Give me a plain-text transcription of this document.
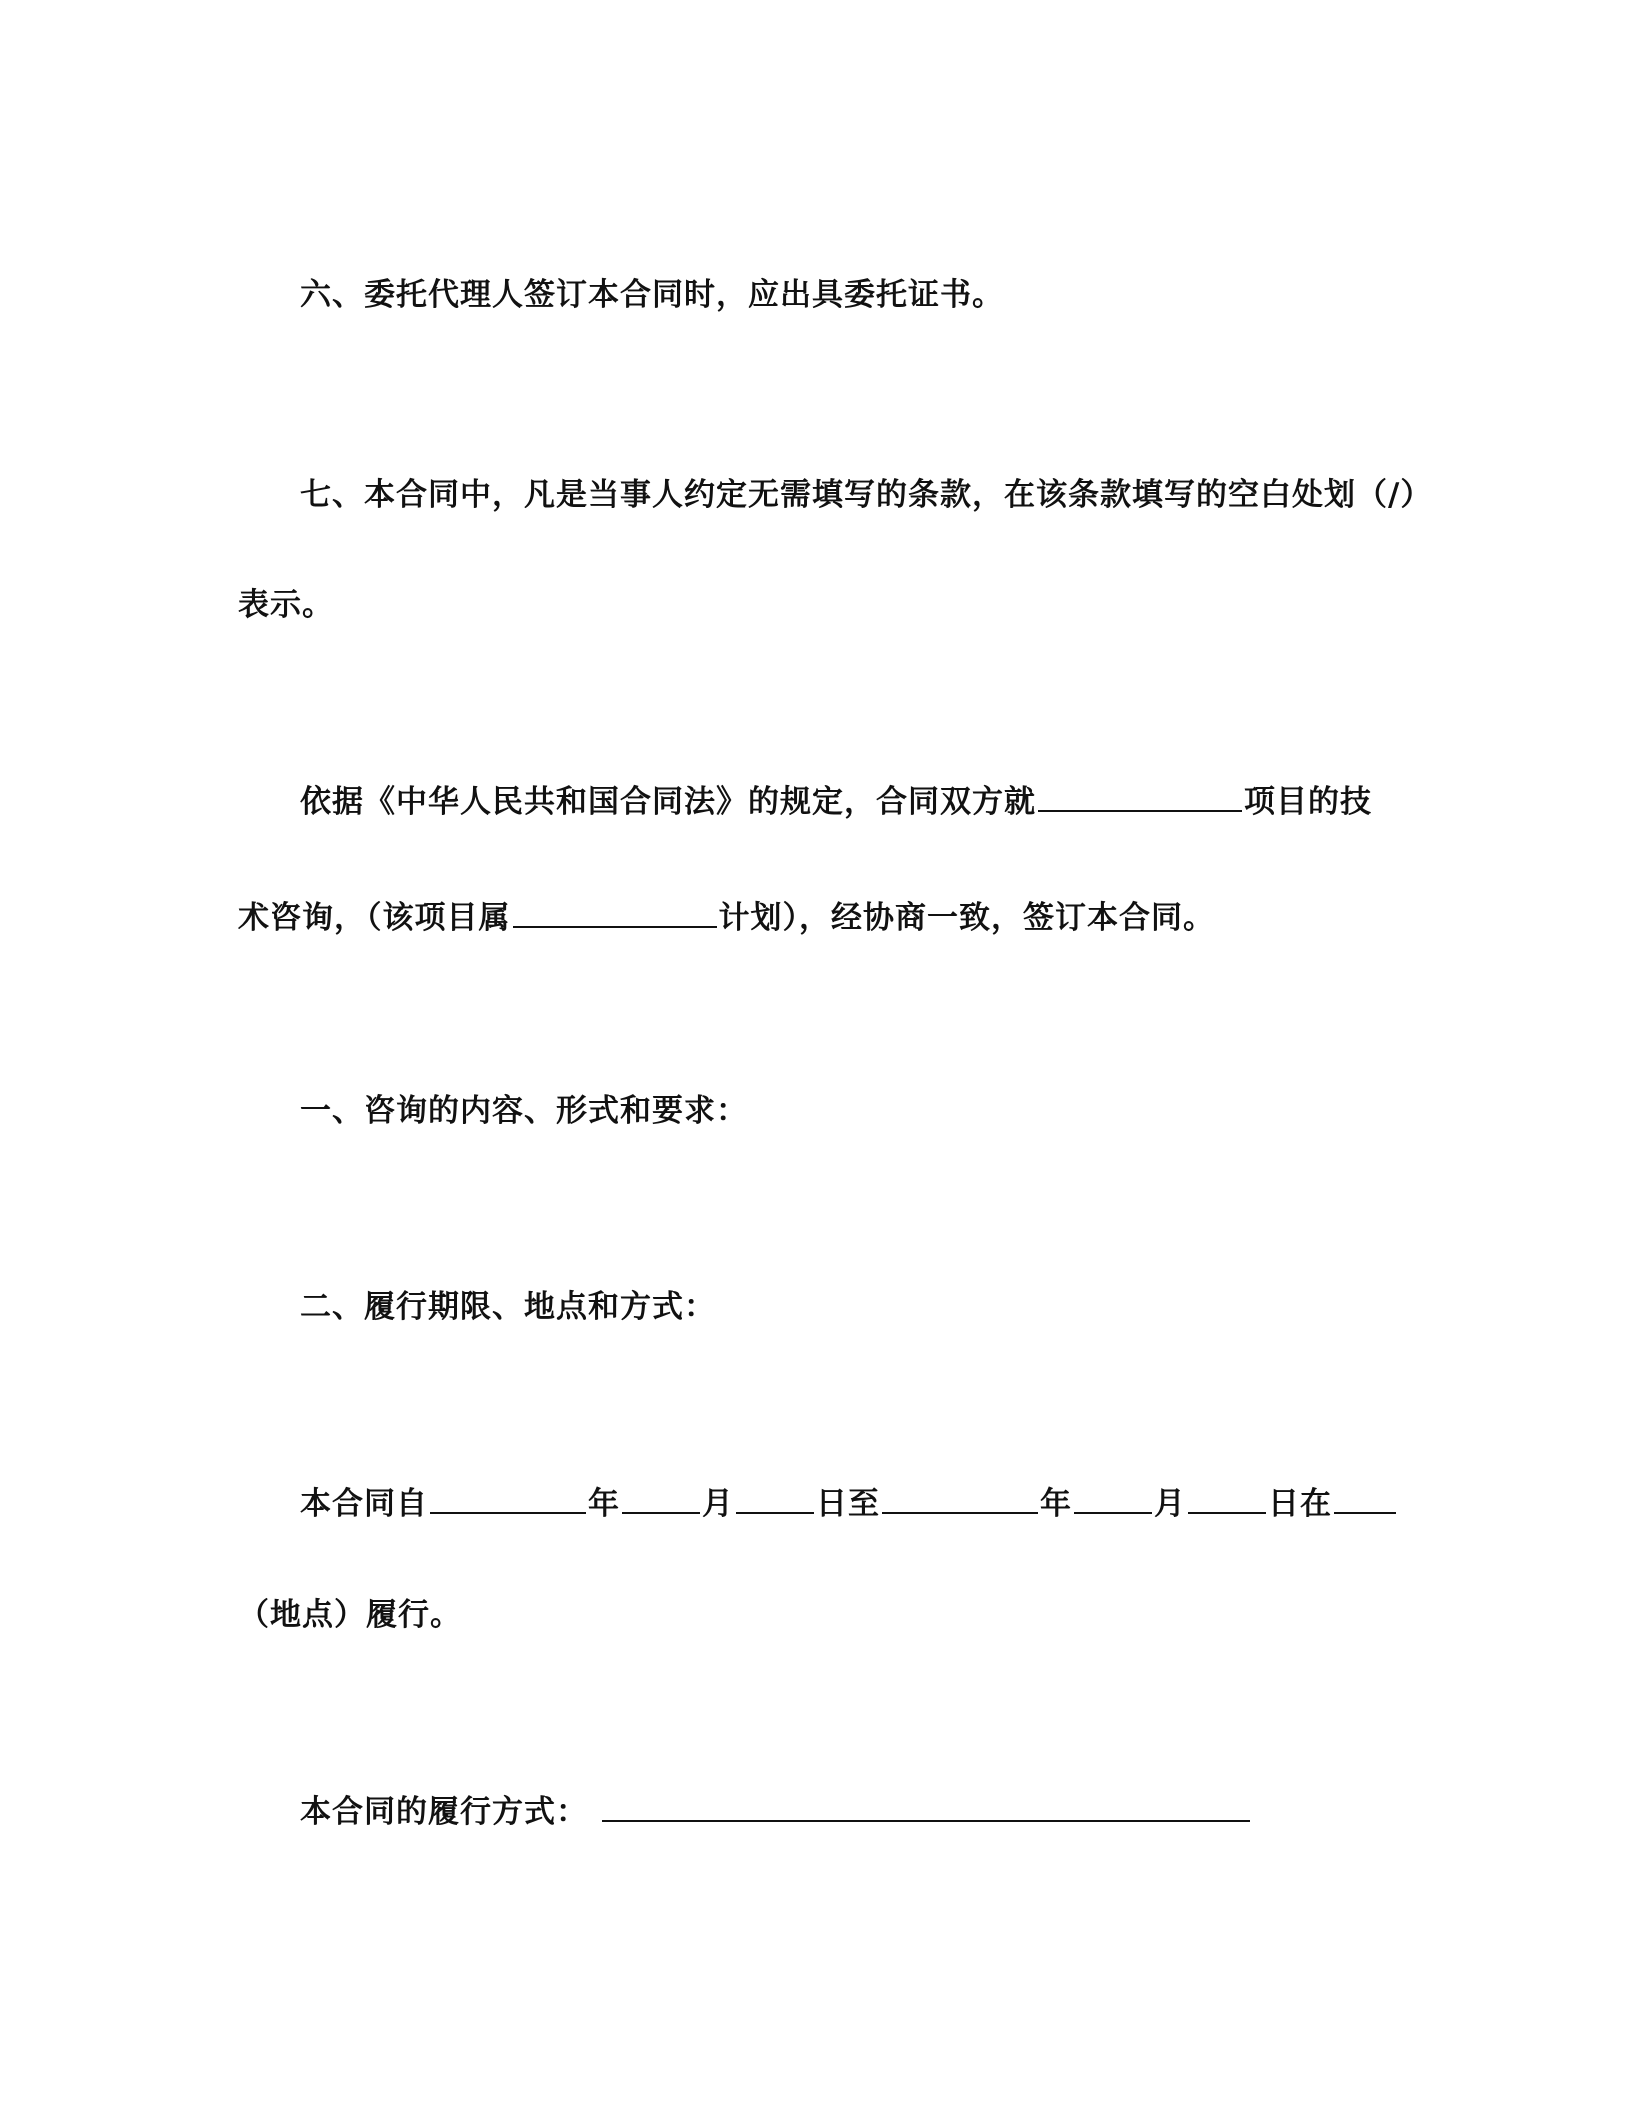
六、委托代理人签订本合同时，应出具委托证书。
七、本合同中，凡是当事人约定无需填写的条款，在该条款填写的空白处划（/）
表示。
依据《中华人民共和国合同法》的规定，合同双方就	项目的技
术咨询，（该项目属	计划），经协商一致，签订本合同。
一、咨询的内容、形式和要求：
二、履行期限、地点和方式：
本合同自	年	月	日至	年	月	日在
（地点）履行。
本合同的履行方式：
